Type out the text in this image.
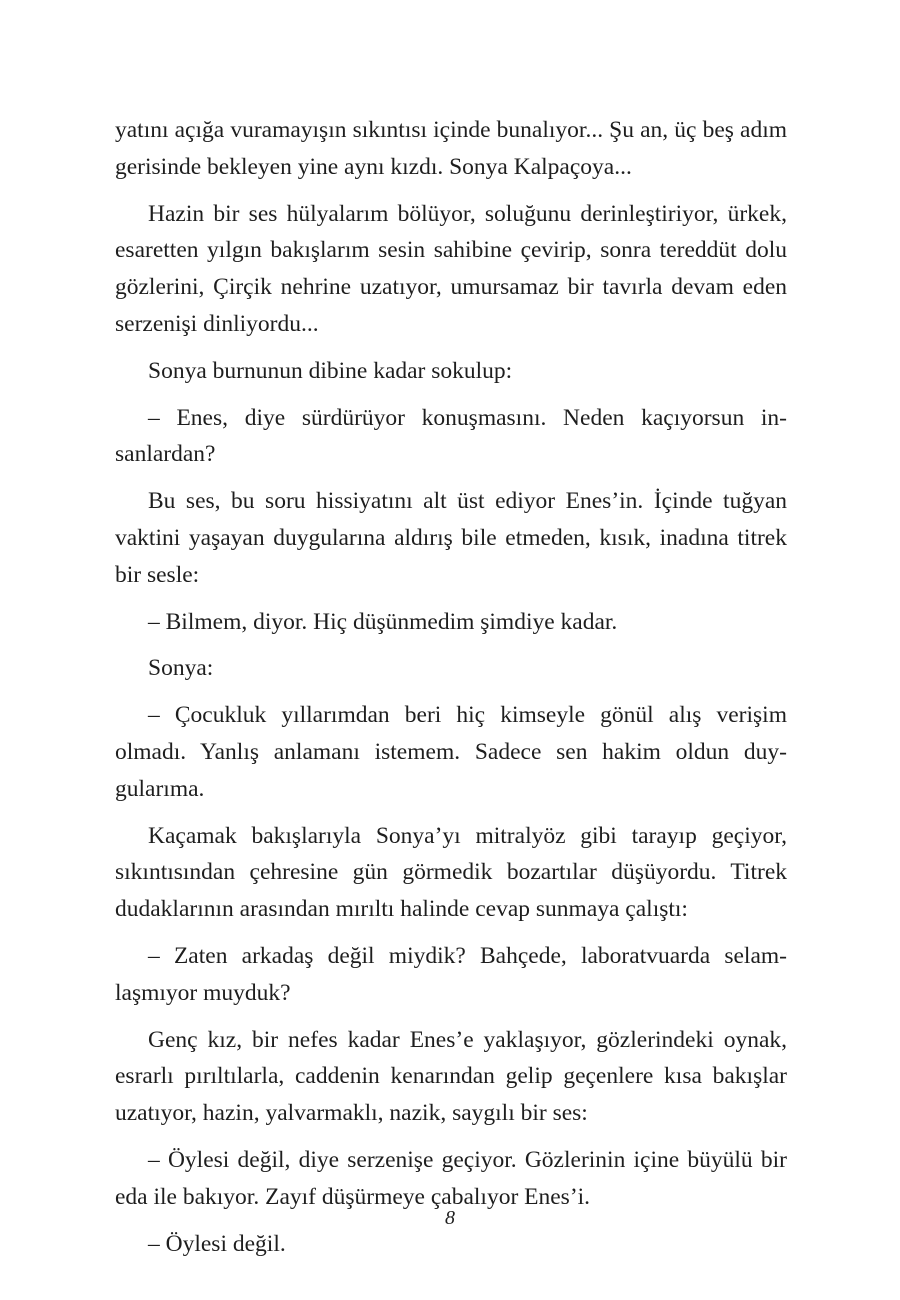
yatını açığa vuramayışın sıkıntısı içinde bunalıyor... Şu an, üç beş adım gerisinde bekleyen yine aynı kızdı. Sonya Kalpaçoya...

Hazin bir ses hülyalarım bölüyor, soluğunu derinleştiriyor, ürkek, esaretten yılgın bakışlarım sesin sahibine çevirip, sonra tereddüt dolu gözlerini, Çirçik nehrine uzatıyor, umursamaz bir tavırla devam eden serzenişi dinliyordu...

Sonya burnunun dibine kadar sokulup:

– Enes, diye sürdürüyor konuşmasını. Neden kaçıyorsun insanlardan?

Bu ses, bu soru hissiyatını alt üst ediyor Enes’in. İçinde tuğyan vaktini yaşayan duygularına aldırış bile etmeden, kısık, inadına titrek bir sesle:

– Bilmem, diyor. Hiç düşünmedim şimdiye kadar.

Sonya:

– Çocukluk yıllarımdan beri hiç kimseyle gönül alış verişim olmadı. Yanlış anlamanı istemem. Sadece sen hakim oldun duygularıma.

Kaçamak bakışlarıyla Sonya’yı mitralyöz gibi tarayıp geçiyor, sıkıntısından çehresine gün görmedik bozartılar düşüyordu. Titrek dudaklarının arasından mırıltı halinde cevap sunmaya çalıştı:

– Zaten arkadaş değil miydik? Bahçede, laboratvuarda selamlaşmıyor muyduk?

Genç kız, bir nefes kadar Enes’e yaklaşıyor, gözlerindeki oynak, esrarlı pırıltılarla, caddenin kenarından gelip geçenlere kısa bakışlar uzatıyor, hazin, yalvarmaklı, nazik, saygılı bir ses:

– Öylesi değil, diye serzenişe geçiyor. Gözlerinin içine büyülü bir eda ile bakıyor. Zayıf düşürmeye çabalıyor Enes’i.

– Öylesi değil.

8
